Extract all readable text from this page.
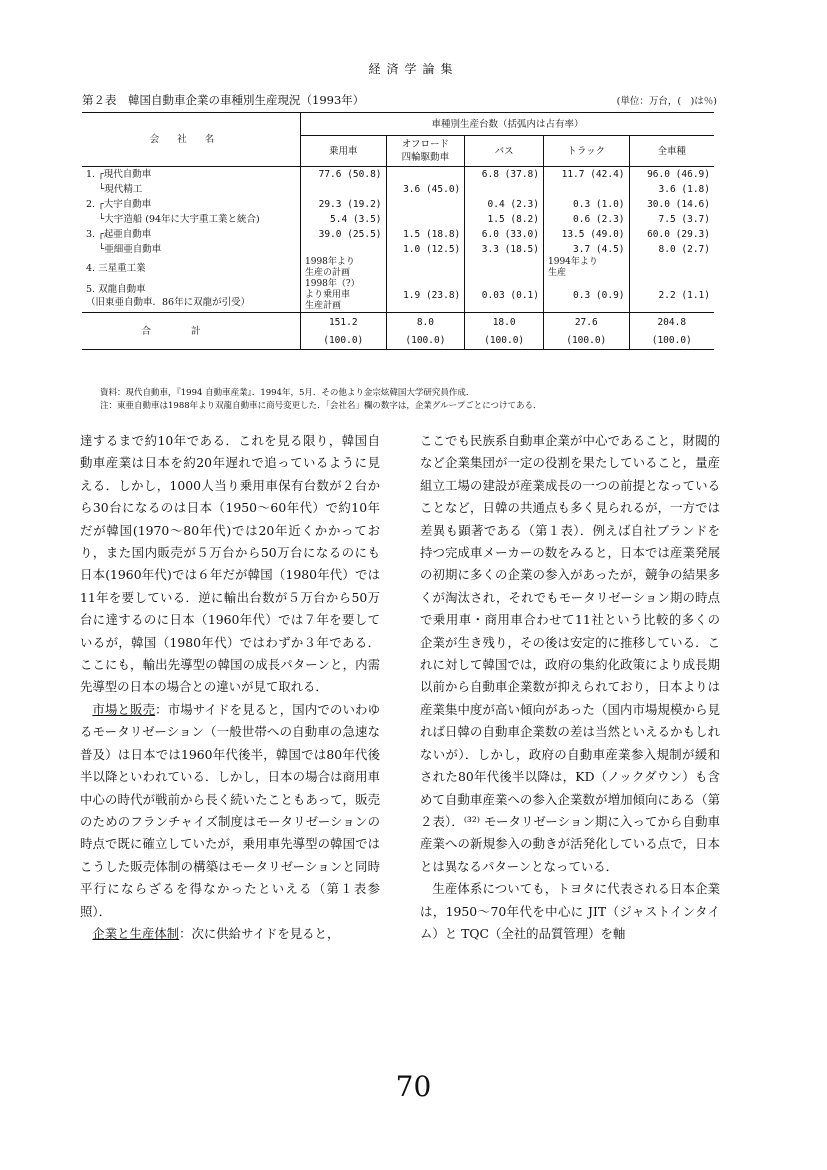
経済学論集
第２表　韓国自動車企業の車種別生産現況（1993年）	(単位：万台，(　)は％)
会社名	車種別生産台数（括弧内は占有率）				
	乗用車	オフロード
四輪駆動車	バス	トラック	全車種
1. ┌現代自動車	77.6 (50.8)		6.8 (37.8)	11.7 (42.4)	96.0 (46.9)
　 └現代精工		3.6 (45.0)			3.6 (1.8)
2. ┌大宇自動車	29.3 (19.2)		0.4 (2.3)	0.3 (1.0)	30.0 (14.6)
　 └大宇造船 (94年に大宇重工業と統合)	5.4 (3.5)		1.5 (8.2)	0.6 (2.3)	7.5 (3.7)
3. ┌起亜自動車	39.0 (25.5)	1.5 (18.8)	6.0 (33.0)	13.5 (49.0)	60.0 (29.3)
　 └亜細亜自動車		1.0 (12.5)	3.3 (18.5)	3.7 (4.5)	8.0 (2.7)
4. 三星重工業	1998年より
生産の計画			1994年より
生産	
5. 双龍自動車
（旧東亜自動車．86年に双龍が引受）	1998年（?）
より乗用車
生産計画	1.9 (23.8)	0.03 (0.1)	0.3 (0.9)	2.2 (1.1)
合計	151.2	8.0	18.0	27.6	204.8
	(100.0)	(100.0)	(100.0)	(100.0)	(100.0)
資料：現代自動車，『1994 自動車産業』．1994年，5月．その他より金宗炫韓国大学研究員作成．
注：東亜自動車は1988年より双龍自動車に商号変更した．「会社名」欄の数字は，企業グループごとにつけてある．

達するまで約10年である．これを見る限り，韓国自動車産業は日本を約20年遅れで追っているように見える．しかし，1000人当り乗用車保有台数が２台から30台になるのは日本（1950〜60年代）で約10年だが韓国(1970〜80年代)では20年近くかかっており，また国内販売が５万台から50万台になるのにも日本(1960年代)では６年だが韓国（1980年代）では11年を要している．逆に輸出台数が５万台から50万台に達するのに日本（1960年代）では７年を要しているが，韓国（1980年代）ではわずか３年である．ここにも，輸出先導型の韓国の成長パターンと，内需先導型の日本の場合との違いが見て取れる．

市場と販売：市場サイドを見ると，国内でのいわゆるモータリゼーション（一般世帯への自動車の急速な普及）は日本では1960年代後半，韓国では80年代後半以降といわれている．しかし，日本の場合は商用車中心の時代が戦前から長く続いたこともあって，販売のためのフランチャイズ制度はモータリゼーションの時点で既に確立していたが，乗用車先導型の韓国ではこうした販売体制の構築はモータリゼーションと同時平行にならざるを得なかったといえる（第１表参照）．

企業と生産体制：次に供給サイドを見ると，

ここでも民族系自動車企業が中心であること，財閥的など企業集団が一定の役割を果たしていること，量産組立工場の建設が産業成長の一つの前提となっていることなど，日韓の共通点も多く見られるが，一方では差異も顕著である（第１表）．例えば自社ブランドを持つ完成車メーカーの数をみると，日本では産業発展の初期に多くの企業の参入があったが，競争の結果多くが淘汰され，それでもモータリゼーション期の時点で乗用車・商用車合わせて11社という比較的多くの企業が生き残り，その後は安定的に推移している．これに対して韓国では，政府の集約化政策により成長期以前から自動車企業数が抑えられており，日本よりは産業集中度が高い傾向があった（国内市場規模から見れば日韓の自動車企業数の差は当然といえるかもしれないが）．しかし，政府の自動車産業参入規制が緩和された80年代後半以降は，KD（ノックダウン）も含めて自動車産業への参入企業数が増加傾向にある（第２表）．⁽³²⁾ モータリゼーション期に入ってから自動車産業への新規参入の動きが活発化している点で，日本とは異なるパターンとなっている．

生産体系についても，トヨタに代表される日本企業は，1950〜70年代を中心に JIT（ジャストインタイム）と TQC（全社的品質管理）を軸

70
